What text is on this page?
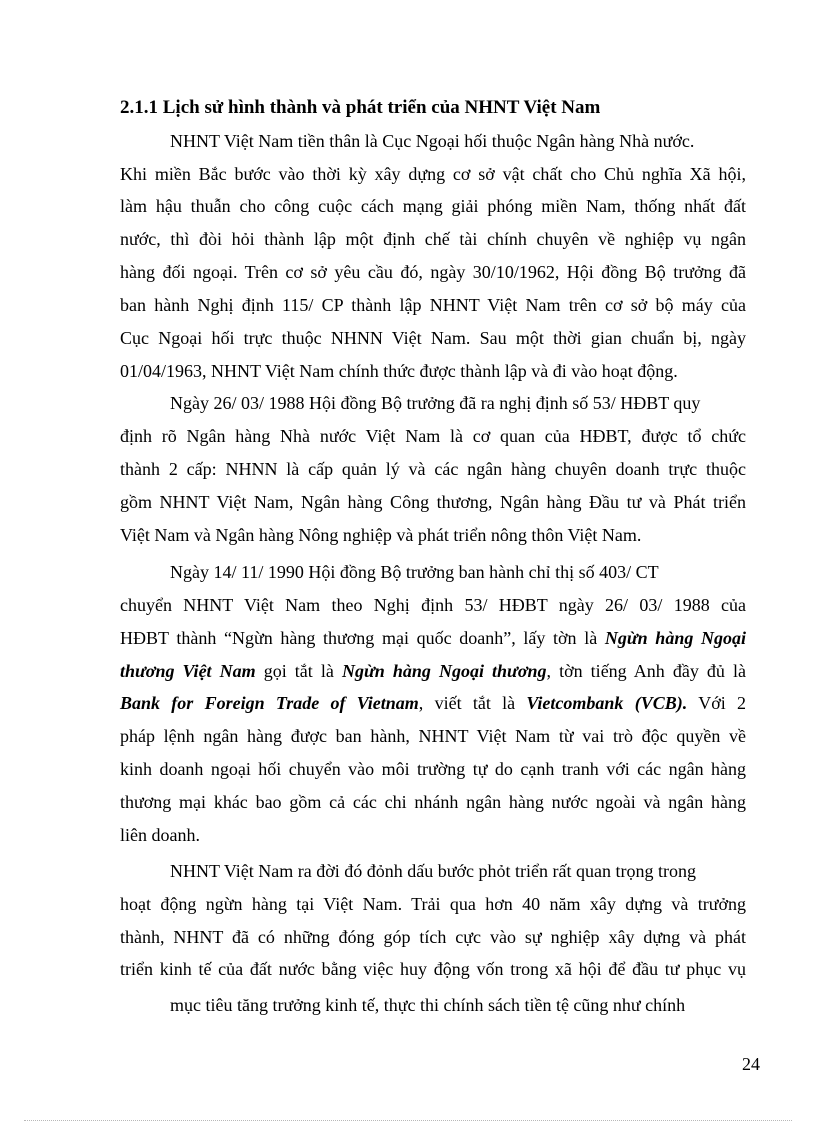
2.1.1 Lịch sử hình thành và phát triển của NHNT Việt Nam
NHNT Việt Nam tiền thân là Cục Ngoại hối thuộc Ngân hàng Nhà nước.
Khi miền Bắc bước vào thời kỳ xây dựng cơ sở vật chất cho Chủ nghĩa Xã hội,
làm hậu thuẫn cho công cuộc cách mạng giải phóng miền Nam, thống nhất đất
nước, thì đòi hỏi thành lập một định chế tài chính chuyên về nghiệp vụ ngân
hàng đối ngoại. Trên cơ sở yêu cầu đó, ngày 30/10/1962, Hội đồng Bộ trưởng đã
ban hành Nghị định 115/ CP thành lập NHNT Việt Nam trên cơ sở bộ máy của
Cục Ngoại hối trực thuộc NHNN Việt Nam. Sau một thời gian chuẩn bị, ngày
01/04/1963, NHNT Việt Nam chính thức được thành lập và đi vào hoạt động.
Ngày 26/ 03/ 1988 Hội đồng Bộ trưởng đã ra nghị định số 53/ HĐBT quy
định rõ Ngân hàng Nhà nước Việt Nam là cơ quan của HĐBT, được tổ chức
thành 2 cấp: NHNN là cấp quản lý và các ngân hàng chuyên doanh trực thuộc
gồm NHNT Việt Nam, Ngân hàng Công thương, Ngân hàng Đầu tư và Phát triển
Việt Nam và Ngân hàng Nông nghiệp và phát triển nông thôn Việt Nam.
Ngày 14/ 11/ 1990 Hội đồng Bộ trưởng ban hành chỉ thị số 403/ CT
chuyển NHNT Việt Nam theo Nghị định 53/ HĐBT ngày 26/ 03/ 1988 của
HĐBT thành “Ngừn hàng thương mại quốc doanh”, lấy tờn là Ngừn hàng Ngoại
thương Việt Nam gọi tắt là Ngừn hàng Ngoại thương, tờn tiếng Anh đầy đủ là
Bank for Foreign Trade of Vietnam, viết tắt là Vietcombank (VCB). Với 2
pháp lệnh ngân hàng được ban hành, NHNT Việt Nam từ vai trò độc quyền về
kinh doanh ngoại hối chuyển vào môi trường tự do cạnh tranh với các ngân hàng
thương mại khác bao gồm cả các chi nhánh ngân hàng nước ngoài và ngân hàng
liên doanh.
NHNT Việt Nam ra đời đó đỏnh dấu bước phỏt triển rất quan trọng trong
hoạt động ngừn hàng tại Việt Nam. Trải qua hơn 40 năm xây dựng và trưởng
thành, NHNT đã có những đóng góp tích cực vào sự nghiệp xây dựng và phát
triển kinh tế của đất nước bằng việc huy động vốn trong xã hội để đầu tư phục vụ
mục tiêu tăng trưởng kinh tế, thực thi chính sách tiền tệ cũng như chính
24
